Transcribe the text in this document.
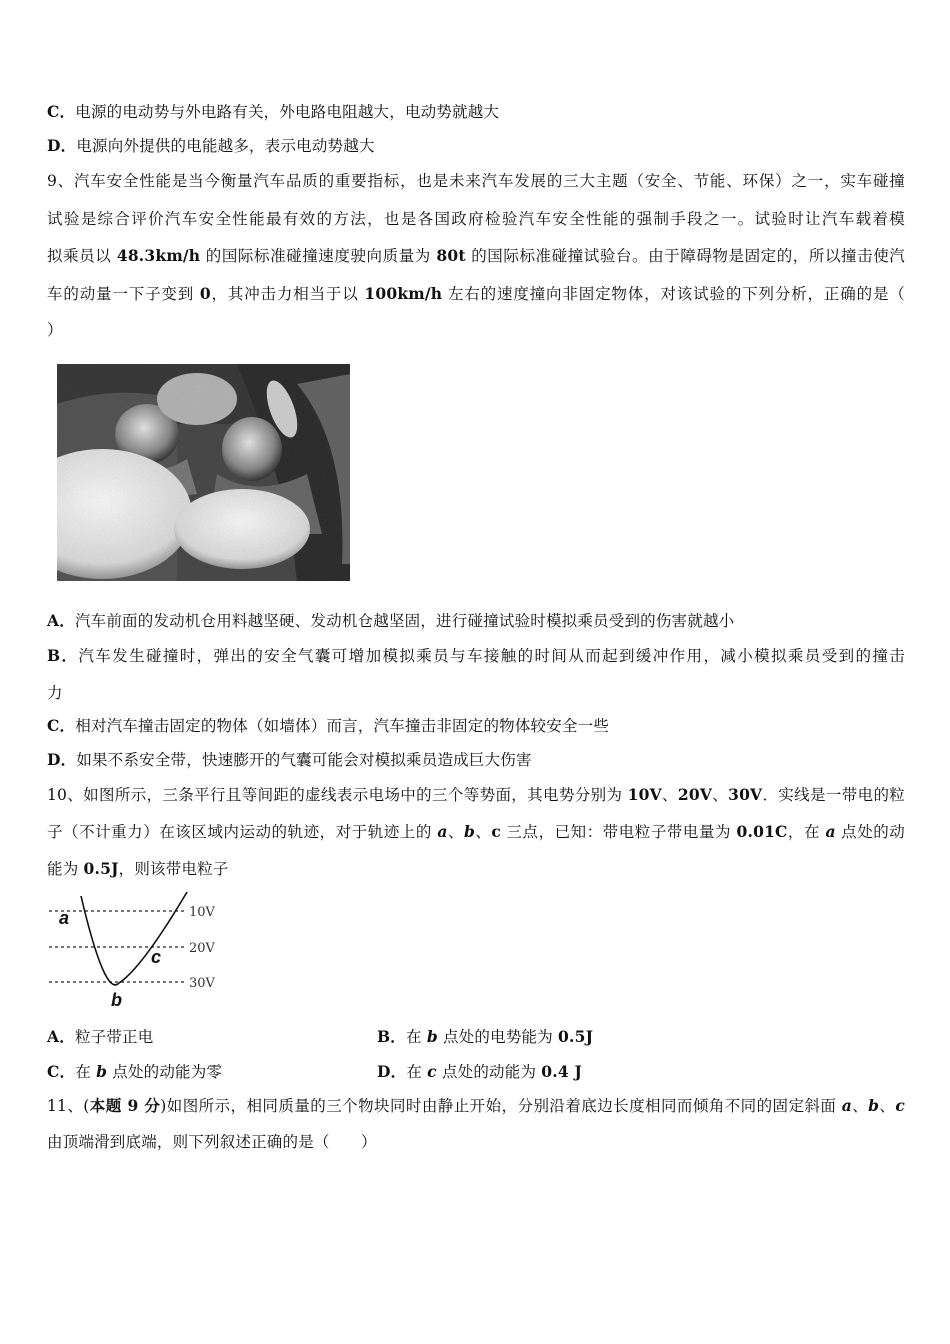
C．电源的电动势与外电路有关，外电路电阻越大，电动势就越大
D．电源向外提供的电能越多，表示电动势越大
9、汽车安全性能是当今衡量汽车品质的重要指标，也是未来汽车发展的三大主题（安全、节能、环保）之一，实车碰撞
试验是综合评价汽车安全性能最有效的方法，也是各国政府检验汽车安全性能的强制手段之一。试验时让汽车载着模
拟乘员以 48.3km/h 的国际标准碰撞速度驶向质量为 80t 的国际标准碰撞试验台。由于障碍物是固定的，所以撞击使汽
车的动量一下子变到 0，其冲击力相当于以 100km/h 左右的速度撞向非固定物体，对该试验的下列分析，正确的是（
）
A．汽车前面的发动机仓用料越坚硬、发动机仓越坚固，进行碰撞试验时模拟乘员受到的伤害就越小
B．汽车发生碰撞时，弹出的安全气囊可增加模拟乘员与车接触的时间从而起到缓冲作用，减小模拟乘员受到的撞击
力
C．相对汽车撞击固定的物体（如墙体）而言，汽车撞击非固定的物体较安全一些
D．如果不系安全带，快速膨开的气囊可能会对模拟乘员造成巨大伤害
10、如图所示，三条平行且等间距的虚线表示电场中的三个等势面，其电势分别为 10V、20V、30V．实线是一带电的粒
子（不计重力）在该区域内运动的轨迹，对于轨迹上的 a、b、c 三点，已知：带电粒子带电量为 0.01C，在 a 点处的动
能为 0.5J，则该带电粒子
a
c
b
10V
20V
30V
A．粒子带正电	B．在 b 点处的电势能为 0.5J
C．在 b 点处的动能为零	D．在 c 点处的动能为 0.4 J
11、(本题 9 分)如图所示，相同质量的三个物块同时由静止开始，分别沿着底边长度相同而倾角不同的固定斜面 a、b、c
由顶端滑到底端，则下列叙述正确的是（　　）
